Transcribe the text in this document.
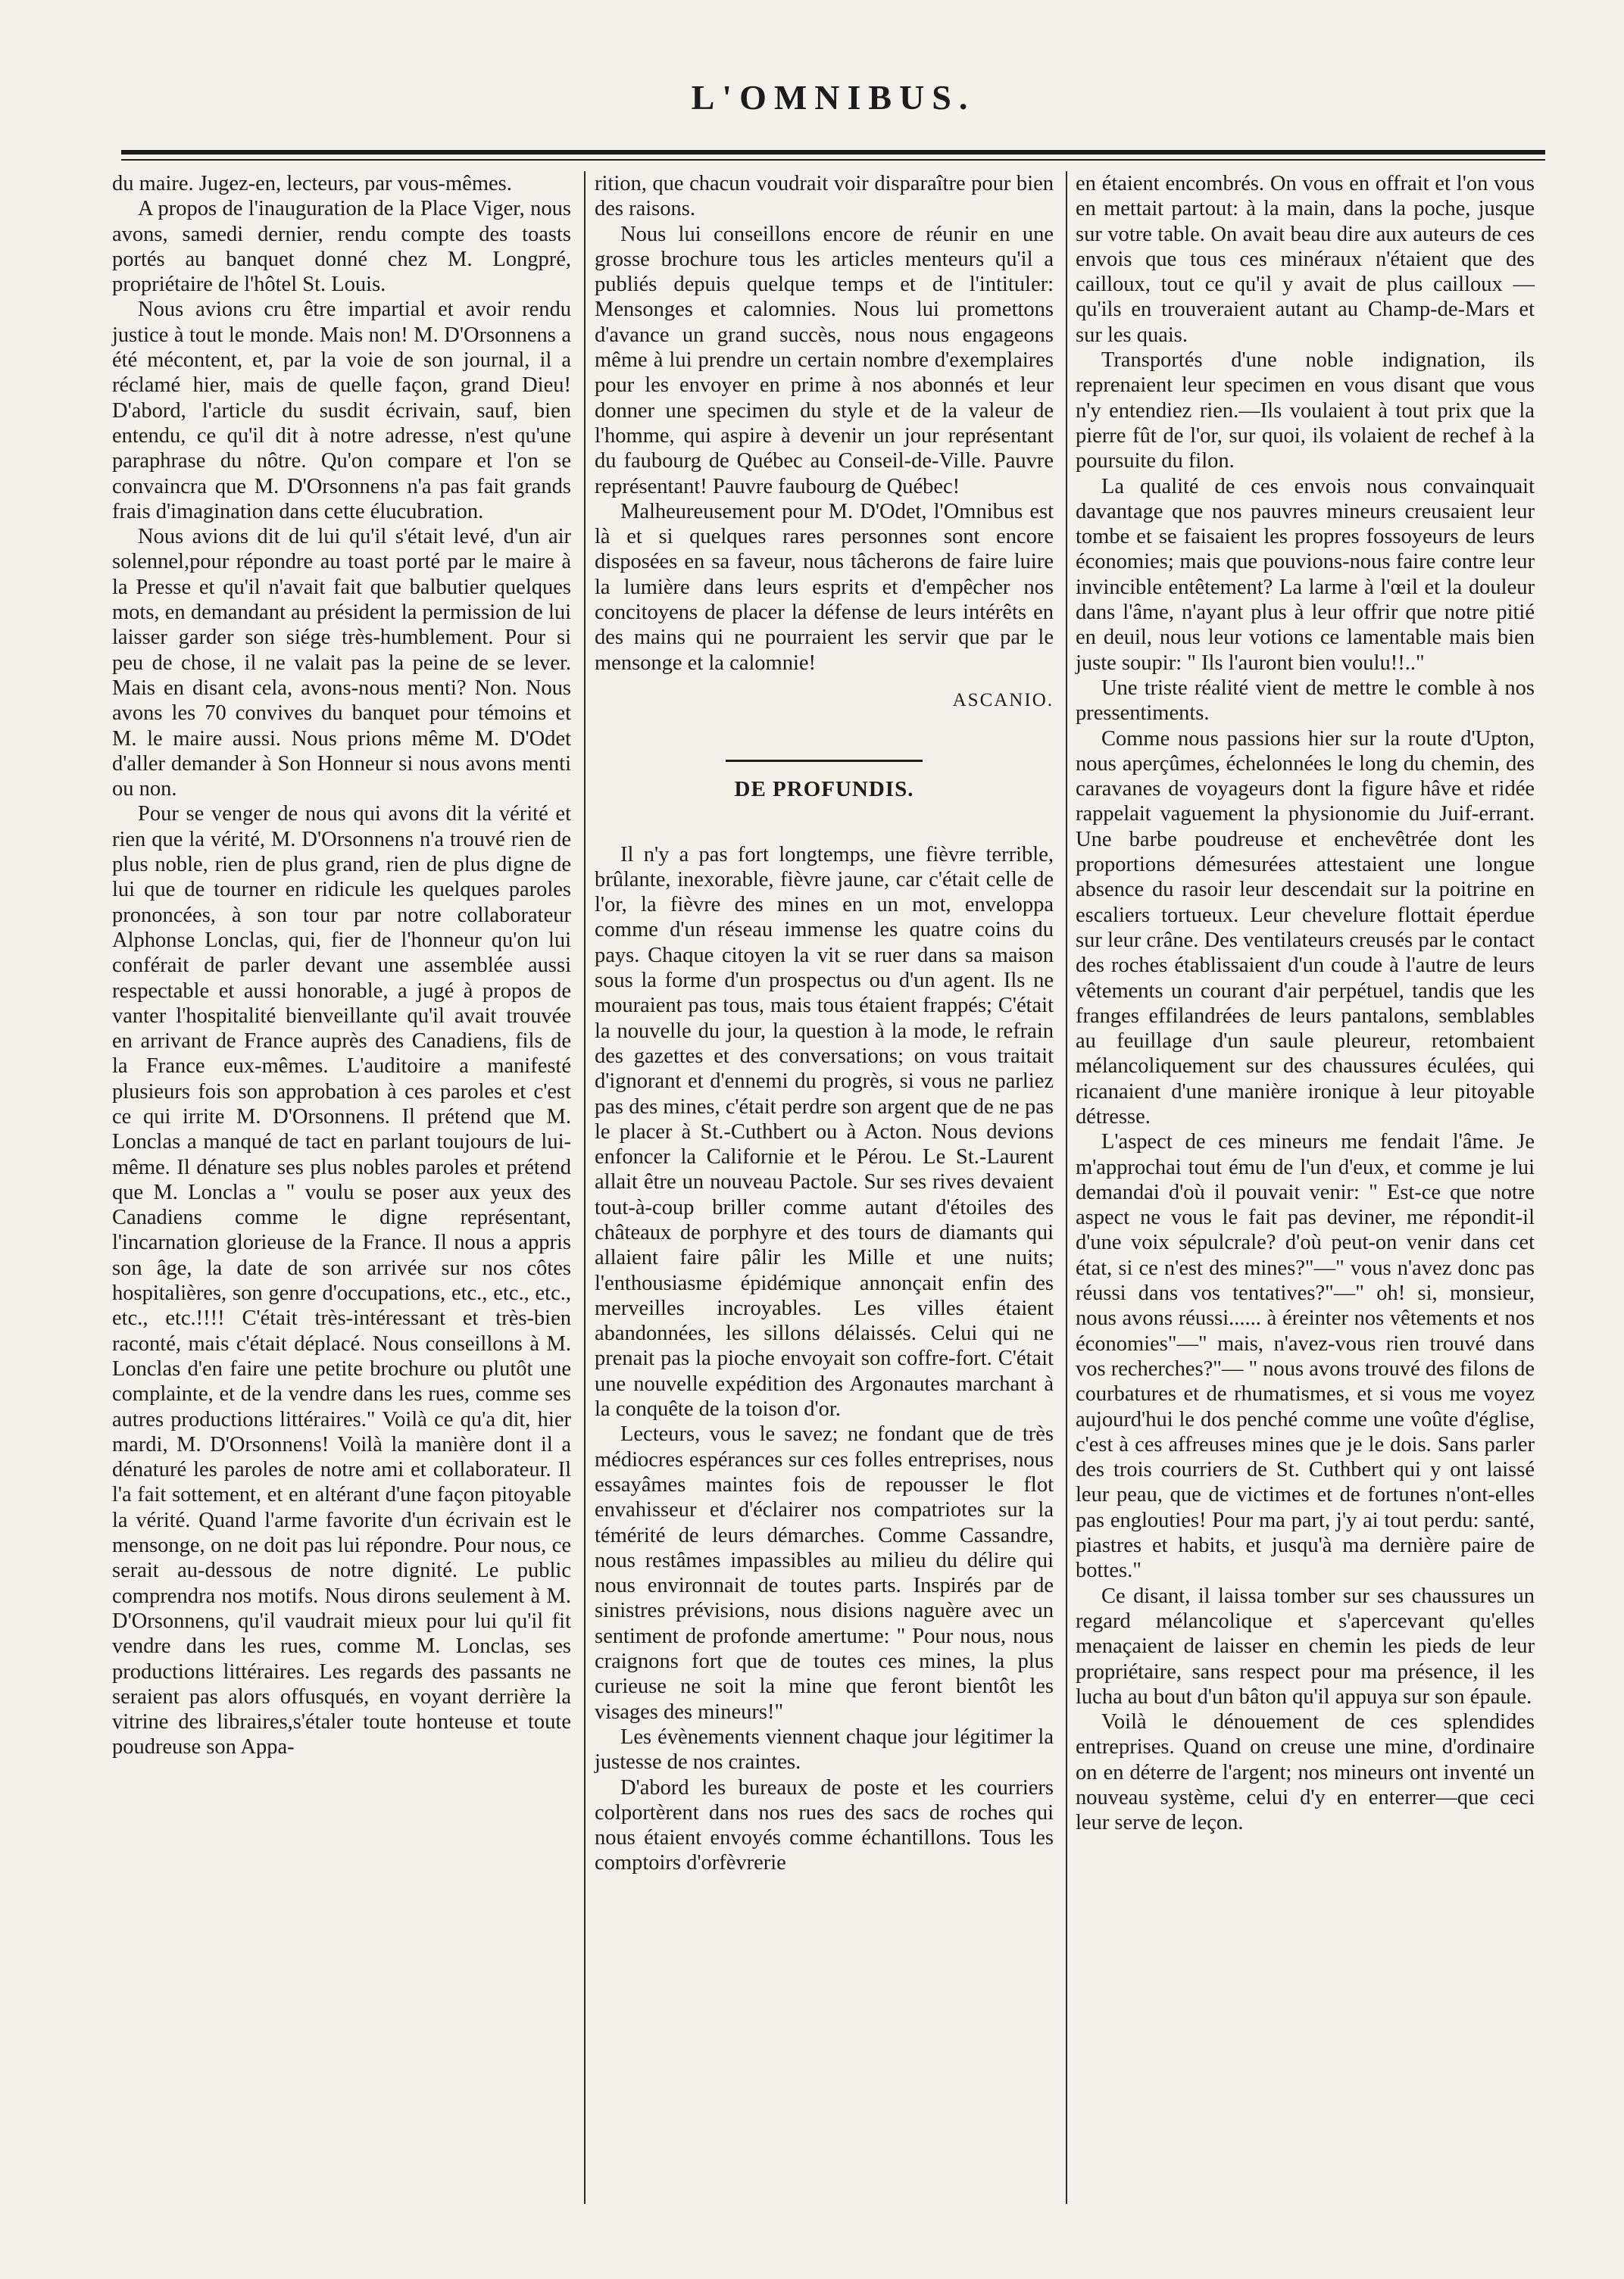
L'OMNIBUS.

du maire. Jugez-en, lecteurs, par vous-mêmes.

A propos de l'inauguration de la Place Viger, nous avons, samedi dernier, rendu compte des toasts portés au banquet donné chez M. Longpré, propriétaire de l'hôtel St. Louis.

Nous avions cru être impartial et avoir rendu justice à tout le monde. Mais non! M. D'Orsonnens a été mécontent, et, par la voie de son journal, il a réclamé hier, mais de quelle façon, grand Dieu! D'abord, l'article du susdit écrivain, sauf, bien entendu, ce qu'il dit à notre adresse, n'est qu'une paraphrase du nôtre. Qu'on compare et l'on se convaincra que M. D'Orsonnens n'a pas fait grands frais d'imagination dans cette élucubration.

Nous avions dit de lui qu'il s'était levé, d'un air solennel,pour répondre au toast porté par le maire à la Presse et qu'il n'avait fait que balbutier quelques mots, en demandant au président la permission de lui laisser garder son siége très-humblement. Pour si peu de chose, il ne valait pas la peine de se lever. Mais en disant cela, avons-nous menti? Non. Nous avons les 70 convives du banquet pour témoins et M. le maire aussi. Nous prions même M. D'Odet d'aller demander à Son Honneur si nous avons menti ou non.

Pour se venger de nous qui avons dit la vérité et rien que la vérité, M. D'Orsonnens n'a trouvé rien de plus noble, rien de plus grand, rien de plus digne de lui que de tourner en ridicule les quelques paroles prononcées, à son tour par notre collaborateur Alphonse Lonclas, qui, fier de l'honneur qu'on lui conférait de parler devant une assemblée aussi respectable et aussi honorable, a jugé à propos de vanter l'hospitalité bienveillante qu'il avait trouvée en arrivant de France auprès des Canadiens, fils de la France eux-mêmes. L'auditoire a manifesté plusieurs fois son approbation à ces paroles et c'est ce qui irrite M. D'Orsonnens. Il prétend que M. Lonclas a manqué de tact en parlant toujours de lui-même. Il dénature ses plus nobles paroles et prétend que M. Lonclas a " voulu se poser aux yeux des Canadiens comme le digne représentant, l'incarnation glorieuse de la France. Il nous a appris son âge, la date de son arrivée sur nos côtes hospitalières, son genre d'occupations, etc., etc., etc., etc., etc.!!!! C'était très-intéressant et très-bien raconté, mais c'était déplacé. Nous conseillons à M. Lonclas d'en faire une petite brochure ou plutôt une complainte, et de la vendre dans les rues, comme ses autres productions littéraires." Voilà ce qu'a dit, hier mardi, M. D'Orsonnens! Voilà la manière dont il a dénaturé les paroles de notre ami et collaborateur. Il l'a fait sottement, et en altérant d'une façon pitoyable la vérité. Quand l'arme favorite d'un écrivain est le mensonge, on ne doit pas lui répondre. Pour nous, ce serait au-dessous de notre dignité. Le public comprendra nos motifs. Nous dirons seulement à M. D'Orsonnens, qu'il vaudrait mieux pour lui qu'il fit vendre dans les rues, comme M. Lonclas, ses productions littéraires. Les regards des passants ne seraient pas alors offusqués, en voyant derrière la vitrine des libraires,s'étaler toute honteuse et toute poudreuse son Appa-

rition, que chacun voudrait voir disparaître pour bien des raisons.

Nous lui conseillons encore de réunir en une grosse brochure tous les articles menteurs qu'il a publiés depuis quelque temps et de l'intituler: Mensonges et calomnies. Nous lui promettons d'avance un grand succès, nous nous engageons même à lui prendre un certain nombre d'exemplaires pour les envoyer en prime à nos abonnés et leur donner une specimen du style et de la valeur de l'homme, qui aspire à devenir un jour représentant du faubourg de Québec au Conseil-de-Ville. Pauvre représentant! Pauvre faubourg de Québec!

Malheureusement pour M. D'Odet, l'Omnibus est là et si quelques rares personnes sont encore disposées en sa faveur, nous tâcherons de faire luire la lumière dans leurs esprits et d'empêcher nos concitoyens de placer la défense de leurs intérêts en des mains qui ne pourraient les servir que par le mensonge et la calomnie!

ASCANIO.
DE PROFUNDIS.

Il n'y a pas fort longtemps, une fièvre terrible, brûlante, inexorable, fièvre jaune, car c'était celle de l'or, la fièvre des mines en un mot, enveloppa comme d'un réseau immense les quatre coins du pays. Chaque citoyen la vit se ruer dans sa maison sous la forme d'un prospectus ou d'un agent. Ils ne mouraient pas tous, mais tous étaient frappés; C'était la nouvelle du jour, la question à la mode, le refrain des gazettes et des conversations; on vous traitait d'ignorant et d'ennemi du progrès, si vous ne parliez pas des mines, c'était perdre son argent que de ne pas le placer à St.-Cuthbert ou à Acton. Nous devions enfoncer la Californie et le Pérou. Le St.-Laurent allait être un nouveau Pactole. Sur ses rives devaient tout-à-coup briller comme autant d'étoiles des châteaux de porphyre et des tours de diamants qui allaient faire pâlir les Mille et une nuits; l'enthousiasme épidémique annonçait enfin des merveilles incroyables. Les villes étaient abandonnées, les sillons délaissés. Celui qui ne prenait pas la pioche envoyait son coffre-fort. C'était une nouvelle expédition des Argonautes marchant à la conquête de la toison d'or.

Lecteurs, vous le savez; ne fondant que de très médiocres espérances sur ces folles entreprises, nous essayâmes maintes fois de repousser le flot envahisseur et d'éclairer nos compatriotes sur la témérité de leurs démarches. Comme Cassandre, nous restâmes impassibles au milieu du délire qui nous environnait de toutes parts. Inspirés par de sinistres prévisions, nous disions naguère avec un sentiment de profonde amertume: " Pour nous, nous craignons fort que de toutes ces mines, la plus curieuse ne soit la mine que feront bientôt les visages des mineurs!"

Les évènements viennent chaque jour légitimer la justesse de nos craintes.

D'abord les bureaux de poste et les courriers colportèrent dans nos rues des sacs de roches qui nous étaient envoyés comme échantillons. Tous les comptoirs d'orfèvrerie

en étaient encombrés. On vous en offrait et l'on vous en mettait partout: à la main, dans la poche, jusque sur votre table. On avait beau dire aux auteurs de ces envois que tous ces minéraux n'étaient que des cailloux, tout ce qu'il y avait de plus cailloux — qu'ils en trouveraient autant au Champ-de-Mars et sur les quais.

Transportés d'une noble indignation, ils reprenaient leur specimen en vous disant que vous n'y entendiez rien.—Ils voulaient à tout prix que la pierre fût de l'or, sur quoi, ils volaient de rechef à la poursuite du filon.

La qualité de ces envois nous convainquait davantage que nos pauvres mineurs creusaient leur tombe et se faisaient les propres fossoyeurs de leurs économies; mais que pouvions-nous faire contre leur invincible entêtement? La larme à l'œil et la douleur dans l'âme, n'ayant plus à leur offrir que notre pitié en deuil, nous leur votions ce lamentable mais bien juste soupir: " Ils l'auront bien voulu!!.."

Une triste réalité vient de mettre le comble à nos pressentiments.

Comme nous passions hier sur la route d'Upton, nous aperçûmes, échelonnées le long du chemin, des caravanes de voyageurs dont la figure hâve et ridée rappelait vaguement la physionomie du Juif-errant. Une barbe poudreuse et enchevêtrée dont les proportions démesurées attestaient une longue absence du rasoir leur descendait sur la poitrine en escaliers tortueux. Leur chevelure flottait éperdue sur leur crâne. Des ventilateurs creusés par le contact des roches établissaient d'un coude à l'autre de leurs vêtements un courant d'air perpétuel, tandis que les franges effilandrées de leurs pantalons, semblables au feuillage d'un saule pleureur, retombaient mélancoliquement sur des chaussures éculées, qui ricanaient d'une manière ironique à leur pitoyable détresse.

L'aspect de ces mineurs me fendait l'âme. Je m'approchai tout ému de l'un d'eux, et comme je lui demandai d'où il pouvait venir: " Est-ce que notre aspect ne vous le fait pas deviner, me répondit-il d'une voix sépulcrale? d'où peut-on venir dans cet état, si ce n'est des mines?"—" vous n'avez donc pas réussi dans vos tentatives?"—" oh! si, monsieur, nous avons réussi...... à éreinter nos vêtements et nos économies"—" mais, n'avez-vous rien trouvé dans vos recherches?"— " nous avons trouvé des filons de courbatures et de rhumatismes, et si vous me voyez aujourd'hui le dos penché comme une voûte d'église, c'est à ces affreuses mines que je le dois. Sans parler des trois courriers de St. Cuthbert qui y ont laissé leur peau, que de victimes et de fortunes n'ont-elles pas englouties! Pour ma part, j'y ai tout perdu: santé, piastres et habits, et jusqu'à ma dernière paire de bottes."

Ce disant, il laissa tomber sur ses chaussures un regard mélancolique et s'apercevant qu'elles menaçaient de laisser en chemin les pieds de leur propriétaire, sans respect pour ma présence, il les lucha au bout d'un bâton qu'il appuya sur son épaule.

Voilà le dénouement de ces splendides entreprises. Quand on creuse une mine, d'ordinaire on en déterre de l'argent; nos mineurs ont inventé un nouveau système, celui d'y en enterrer—que ceci leur serve de leçon.
